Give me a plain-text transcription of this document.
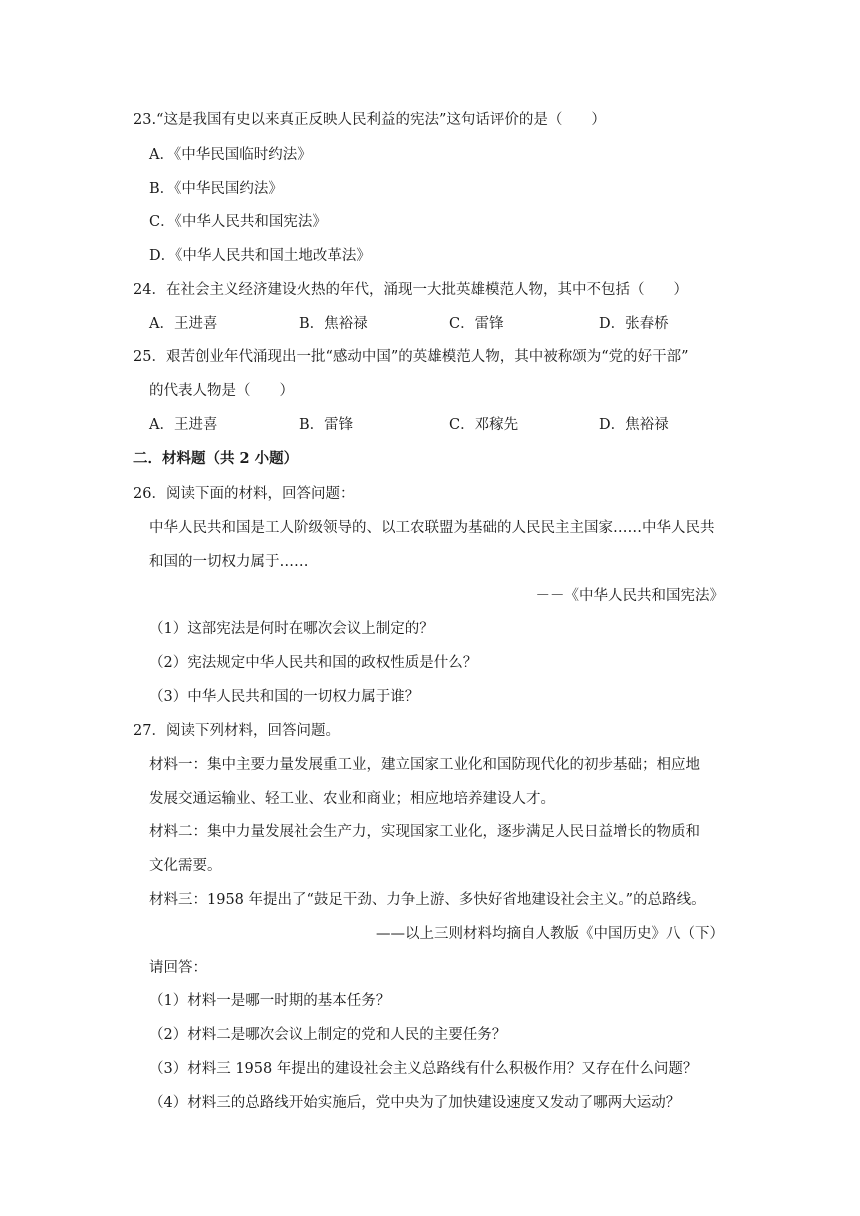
23.“这是我国有史以来真正反映人民利益的宪法”这句话评价的是（　　）
A．《中华民国临时约法》
B．《中华民国约法》
C．《中华人民共和国宪法》
D．《中华人民共和国土地改革法》
24．在社会主义经济建设火热的年代，涌现一大批英雄模范人物，其中不包括（　　）
A．王进喜	B．焦裕禄	C．雷锋	D．张春桥
25．艰苦创业年代涌现出一批“感动中国”的英雄模范人物，其中被称颂为“党的好干部”
的代表人物是（　　）
A．王进喜	B．雷锋	C．邓稼先	D．焦裕禄
二．材料题（共 2 小题）
26．阅读下面的材料，回答问题：
中华人民共和国是工人阶级领导的、以工农联盟为基础的人民民主主国家……中华人民共
和国的一切权力属于……
－－《中华人民共和国宪法》
（1）这部宪法是何时在哪次会议上制定的？
（2）宪法规定中华人民共和国的政权性质是什么？
（3）中华人民共和国的一切权力属于谁？
27．阅读下列材料，回答问题。
材料一：集中主要力量发展重工业，建立国家工业化和国防现代化的初步基础；相应地
发展交通运输业、轻工业、农业和商业；相应地培养建设人才。
材料二：集中力量发展社会生产力，实现国家工业化，逐步满足人民日益增长的物质和
文化需要。
材料三：1958 年提出了“鼓足干劲、力争上游、多快好省地建设社会主义。”的总路线。
——以上三则材料均摘自人教版《中国历史》八（下）
请回答：
（1）材料一是哪一时期的基本任务？
（2）材料二是哪次会议上制定的党和人民的主要任务？
（3）材料三 1958 年提出的建设社会主义总路线有什么积极作用？又存在什么问题？
（4）材料三的总路线开始实施后，党中央为了加快建设速度又发动了哪两大运动？
